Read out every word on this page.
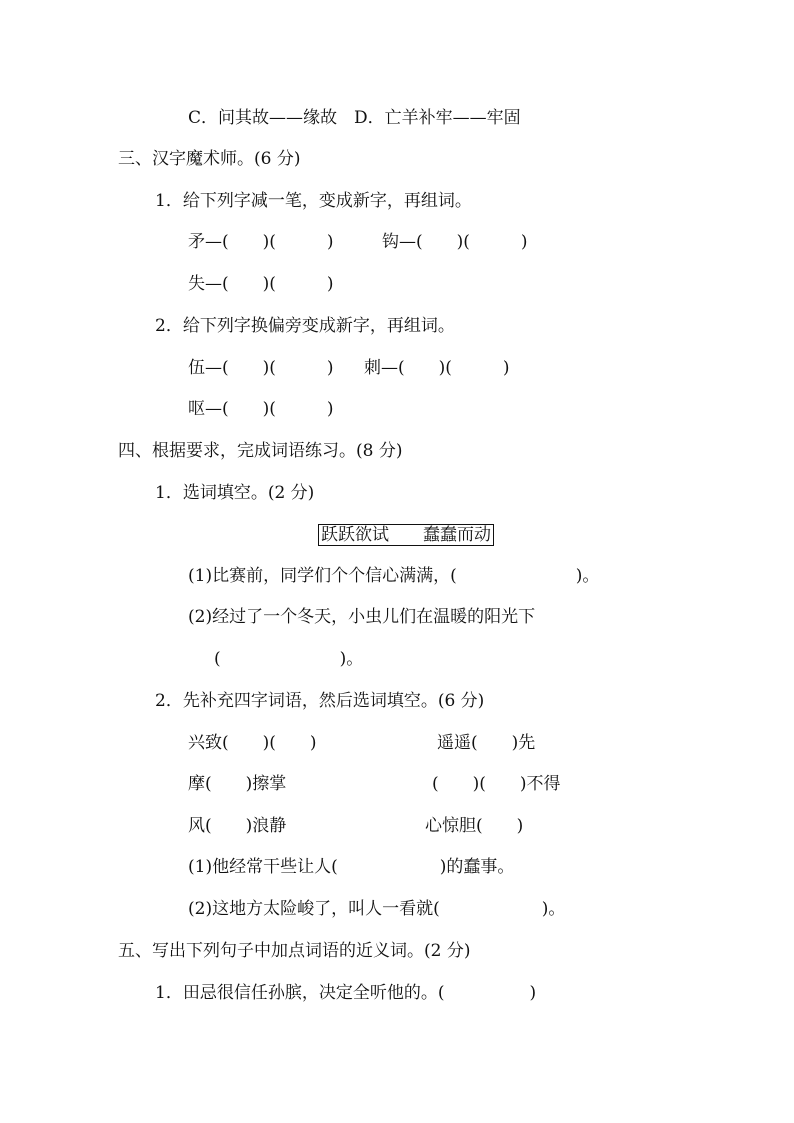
C．问其故——缘故　D．亡羊补牢——牢固
三、汉字魔术师。(6 分)
1．给下列字减一笔，变成新字，再组词。
矛—(　　)(　　　)	钩—(　　)(　　　)
失—(　　)(　　　)
2．给下列字换偏旁变成新字，再组词。
伍—(　　)(　　　) 刺—(　　)(　　　)
呕—(　　)(　　　)
四、根据要求，完成词语练习。(8 分)
1．选词填空。(2 分)
跃跃欲试　　蠢蠢而动
(1)比赛前，同学们个个信心满满，(　　　　　　　)。
(2)经过了一个冬天，小虫儿们在温暖的阳光下
(　　　　　　　)。
2．先补充四字词语，然后选词填空。(6 分)
兴致(　　)(　　)	遥遥(　　)先
摩(　　)擦掌	(　　)(　　)不得
风(　　)浪静	心惊胆(　　)
(1)他经常干些让人(　　　　　　)的蠢事。
(2)这地方太险峻了，叫人一看就(　　　　　　)。
五、写出下列句子中加点词语的近义词。(2 分)
1．田忌很信任孙膑，决定全听他的。(　　　　　)
